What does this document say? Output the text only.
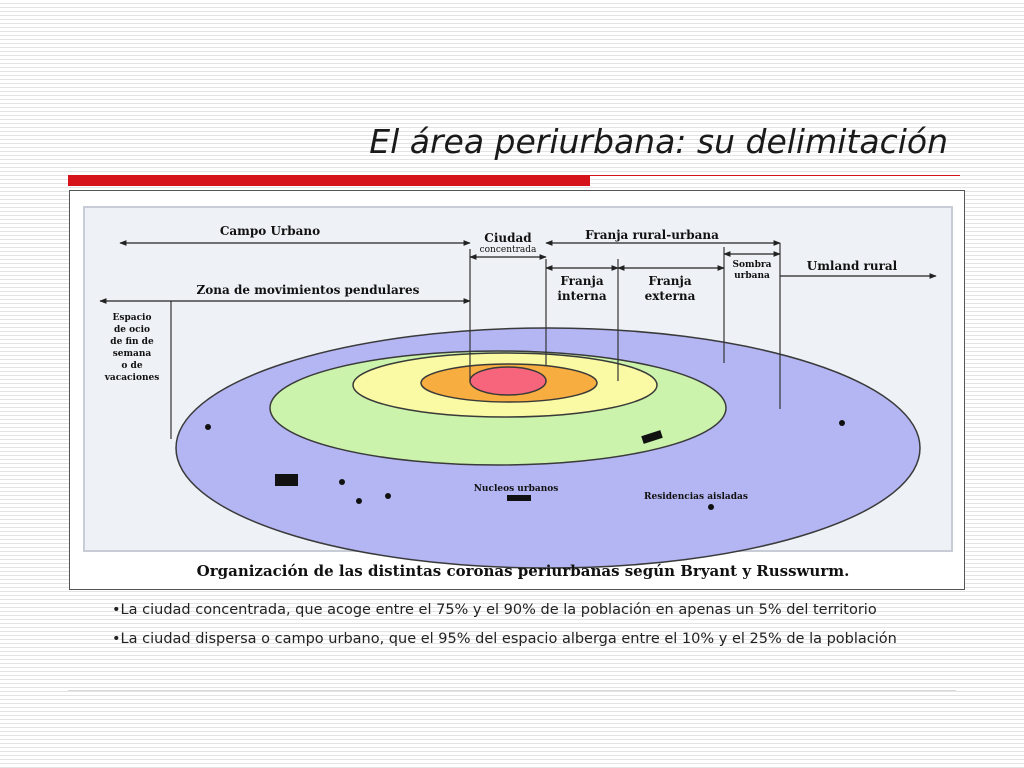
El área periurbana: su delimitación
Campo Urbano	Ciudad
concentrada
Franja rural-urbana
Zona de movimientos pendulares
Franja
interna
Franja
externa
Sombra
urbana
Umland rural
Espacio
de ocio
de fin de
semana
o de
vacaciones
Nucleos urbanos
Residencias aisladas
Organización de las distintas coronas periurbanas según Bryant y Russwurm.
•La ciudad concentrada, que acoge entre el 75% y el 90% de la población en apenas un 5% del territorio
•La ciudad dispersa o campo urbano, que el 95% del espacio alberga entre el 10% y el 25% de la población
